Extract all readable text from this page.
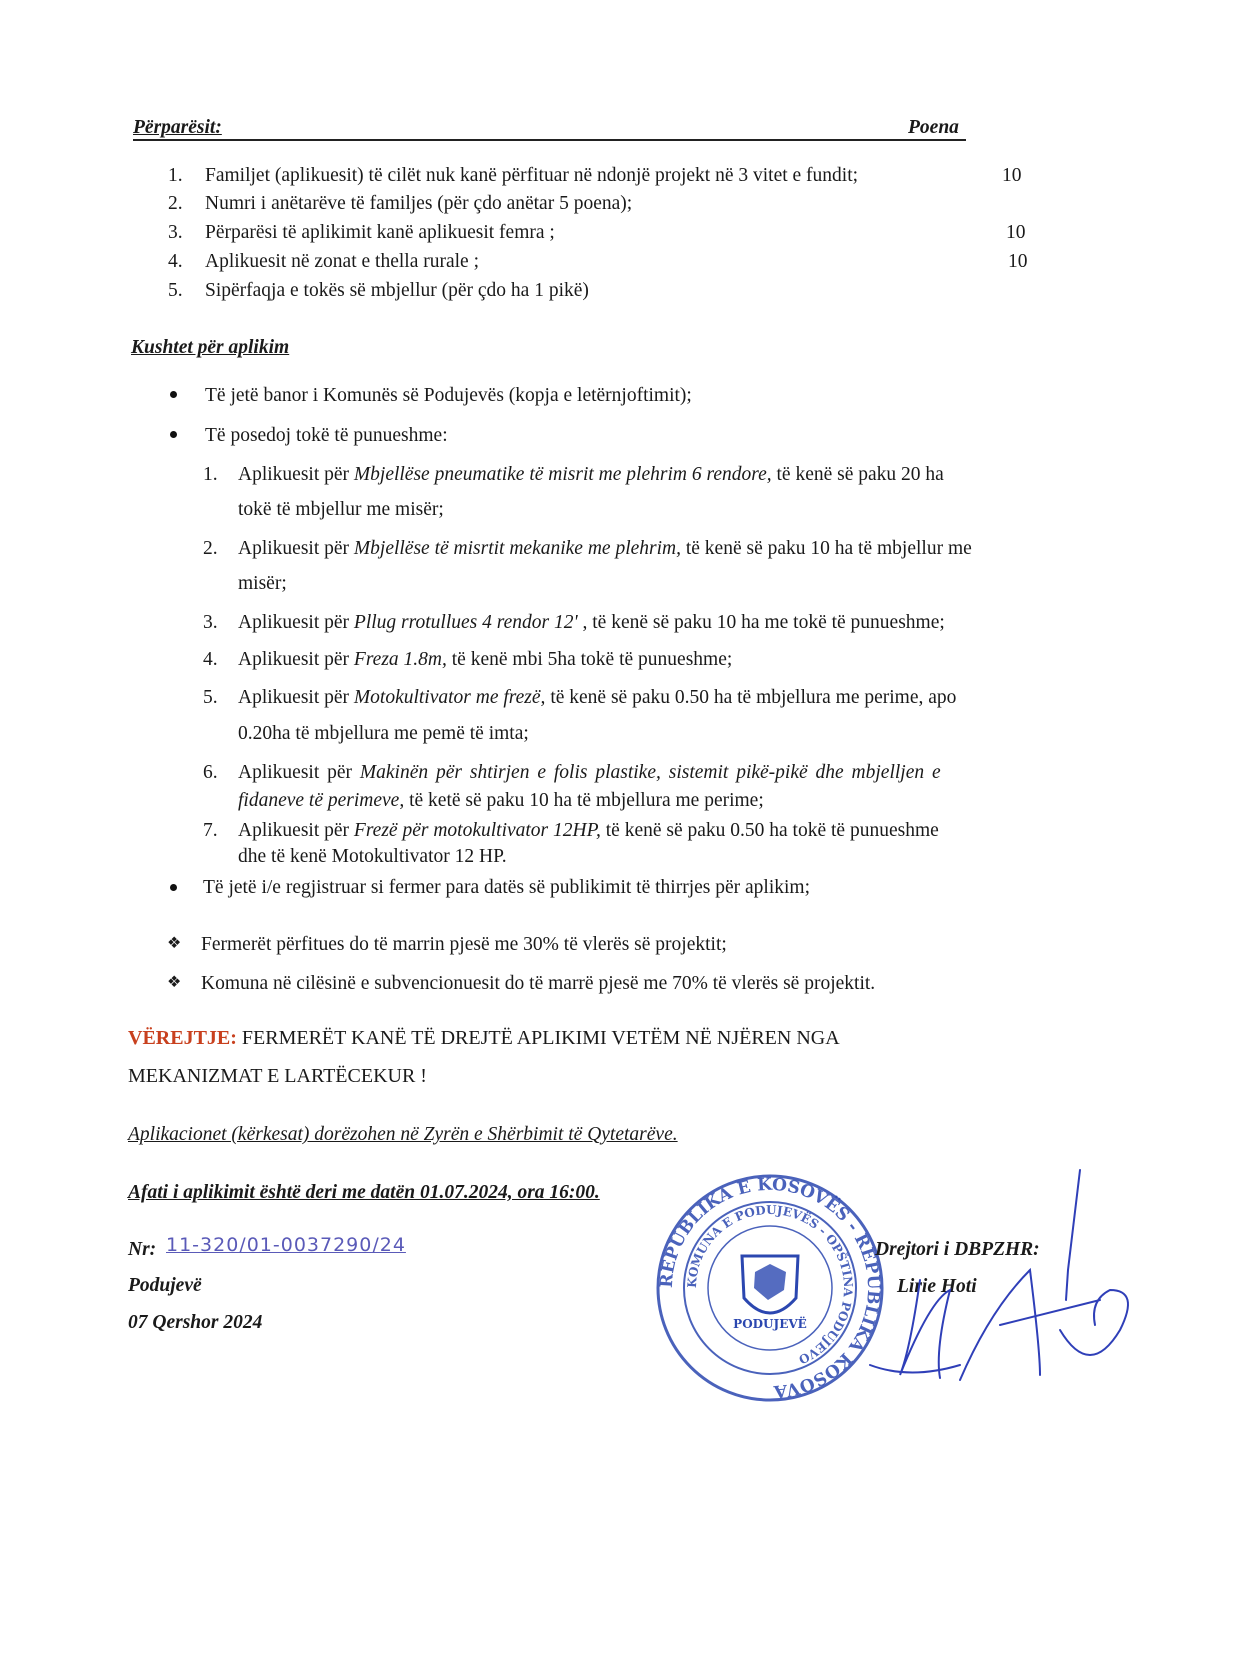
Përparësit:	Poena
1. Familjet (aplikuesit) të cilët nuk kanë përfituar në ndonjë projekt në 3 vitet e fundit;	10
2. Numri i anëtarëve të familjes (për çdo anëtar 5 poena);
3. Përparësi të aplikimit kanë aplikuesit femra ;	10
4. Aplikuesit në zonat e thella rurale ;	10
5. Sipërfaqja e tokës së mbjellur (për çdo ha 1 pikë)
Kushtet për aplikim
Të jetë banor i Komunës së Podujevës (kopja e letërnjoftimit);
Të posedoj tokë të punueshme:
1. Aplikuesit për Mbjellëse pneumatike të misrit me plehrim 6 rendore, të kenë së paku 20 ha
tokë të mbjellur me misër;
2. Aplikuesit për Mbjellëse të misrtit mekanike me plehrim, të kenë së paku 10 ha të mbjellur me
misër;
3. Aplikuesit për Pllug rrotullues 4 rendor 12' , të kenë së paku 10 ha me tokë të punueshme;
4. Aplikuesit për Freza 1.8m, të kenë mbi 5ha tokë të punueshme;
5. Aplikuesit për Motokultivator me frezë, të kenë së paku 0.50 ha të mbjellura me perime, apo
0.20ha të mbjellura me pemë të imta;
6. Aplikuesit për Makinën për shtirjen e folis plastike, sistemit pikë-pikë dhe mbjelljen e
fidaneve të perimeve, të ketë së paku 10 ha të mbjellura me perime;
7. Aplikuesit për Frezë për motokultivator 12HP, të kenë së paku 0.50 ha tokë të punueshme
dhe të kenë Motokultivator 12 HP.
Të jetë i/e regjistruar si fermer para datës së publikimit të thirrjes për aplikim;
❖ Fermerët përfitues do të marrin pjesë me 30% të vlerës së projektit;
❖ Komuna në cilësinë e subvencionuesit do të marrë pjesë me 70% të vlerës së projektit.
VËREJTJE: FERMERËT KANË TË DREJTË APLIKIMI VETËM NË NJËREN NGA
MEKANIZMAT E LARTËCEKUR !
Aplikacionet (kërkesat) dorëzohen në Zyrën e Shërbimit të Qytetarëve.
Afati i aplikimit është deri me datën 01.07.2024, ora 16:00.
Nr: 11-320/01-0037290/24
Podujevë
07 Qershor 2024
REPUBLIKA E KOSOVËS - REPUBLIKA KOSOVA
KOMUNA E PODUJEVËS - OPŠTINA PODUJEVO
PODUJEVË
Drejtori i DBPZHR:
Lirie Hoti
